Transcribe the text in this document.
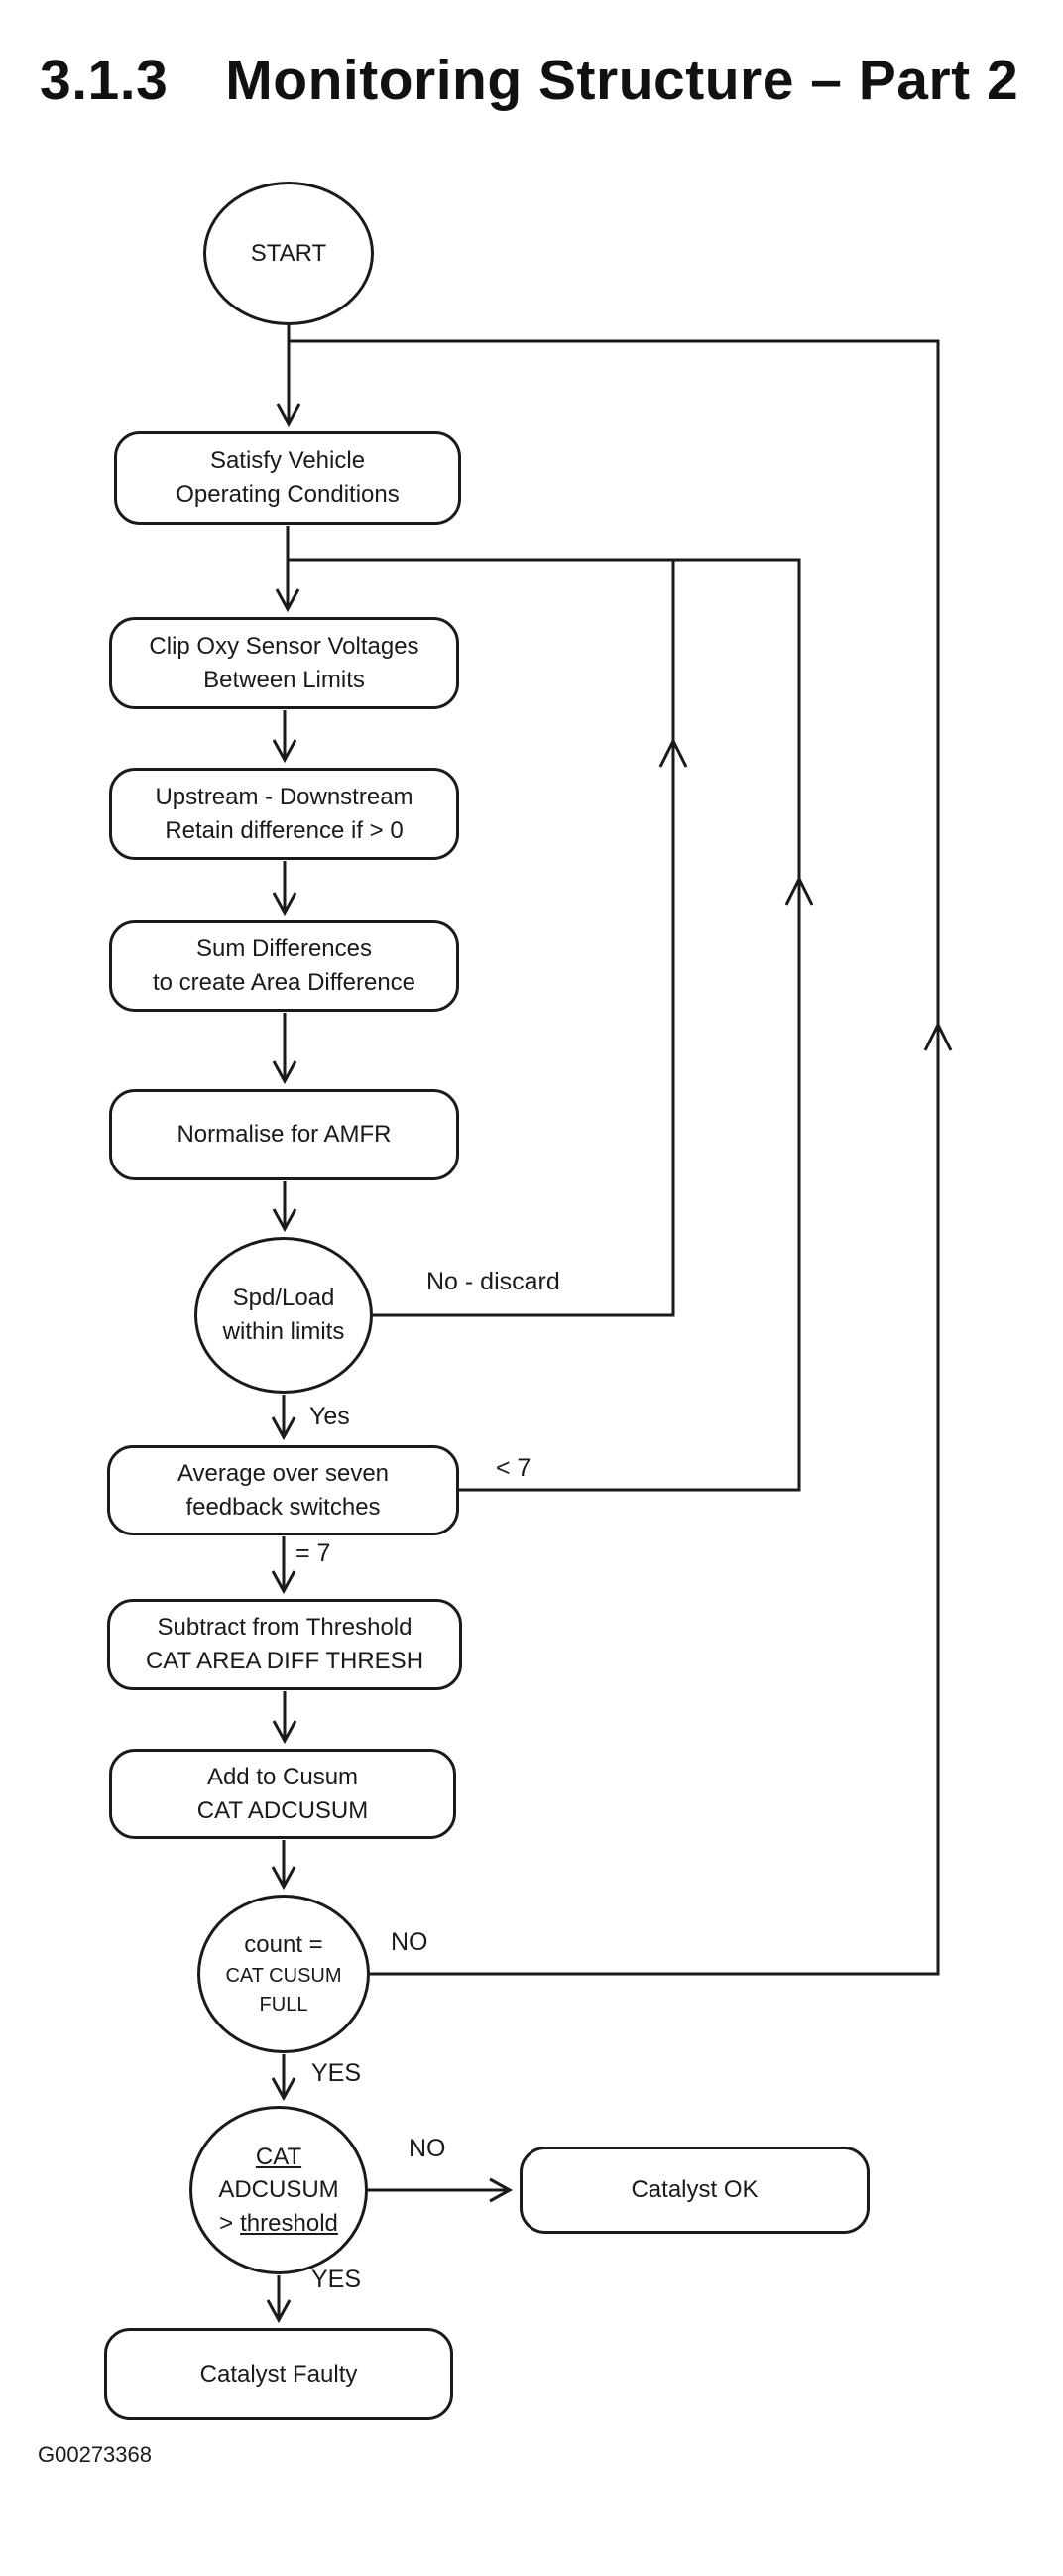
3.1.3 Monitoring Structure – Part 2
START
Satisfy Vehicle
Operating Conditions
Clip Oxy Sensor Voltages
Between Limits
Upstream - Downstream
Retain difference if > 0
Sum Differences
to create Area Difference
Normalise for AMFR
Spd/Load
within limits
Average over seven
feedback switches
Subtract from Threshold
CAT AREA DIFF THRESH
Add to Cusum
CAT ADCUSUM
count =
CAT CUSUM
FULL
CAT
ADCUSUM
> threshold
Catalyst OK
Catalyst Faulty
No - discard
Yes
< 7
= 7
NO
YES
NO
YES
G00273368
